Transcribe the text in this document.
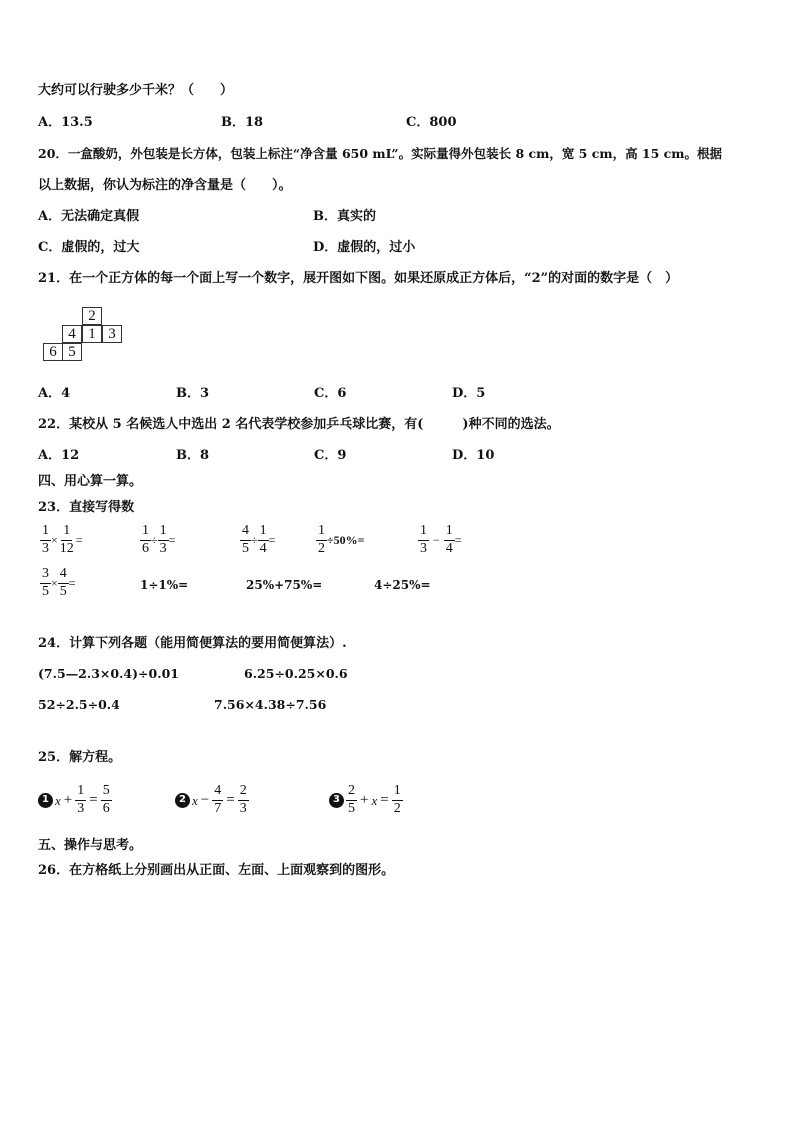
大约可以行驶多少千米？（　　）
A．13.5	B．18	C．800
20．一盒酸奶，外包装是长方体，包装上标注“净含量 650 mL”。实际量得外包装长 8 cm，宽 5 cm，高 15 cm。根据
以上数据，你认为标注的净含量是（　　）。
A．无法确定真假	B．真实的
C．虚假的，过大	D．虚假的，过小
21．在一个正方体的每一个面上写一个数字，展开图如下图。如果还原成正方体后，“2”的对面的数字是（　）
2
4 1 3
6 5
A．4	B．3	C．6	D．5
22．某校从 5 名候选人中选出 2 名代表学校参加乒乓球比赛，有(　　　)种不同的选法。
A．12	B．8	C．9	D．10
四、用心算一算。
23．直接写得数
$\frac{1}{3} \times \frac{1}{12}$ =	$\frac{1}{6} \div \frac{1}{3}$ =	$\frac{4}{5} \div \frac{1}{4}$ =	$\frac{1}{2} \div 50\%=$	$\frac{1}{3} - \frac{1}{4}$ =
$\frac{3}{5} \times \frac{4}{5}$ =	1÷1%=	25%+75%=	4÷25%=
24．计算下列各题（能用简便算法的要用简便算法）.
(7.5—2.3×0.4)÷0.01	6.25÷0.25×0.6
52÷2.5÷0.4	7.56×4.38÷7.56
25．解方程。
1 $x + \frac{1}{3} = \frac{5}{6}$	2 $x - \frac{4}{7} = \frac{2}{3}$	$3 \frac{2}{5} + x = \frac{1}{2}$
五、操作与思考。
26．在方格纸上分别画出从正面、左面、上面观察到的图形。
